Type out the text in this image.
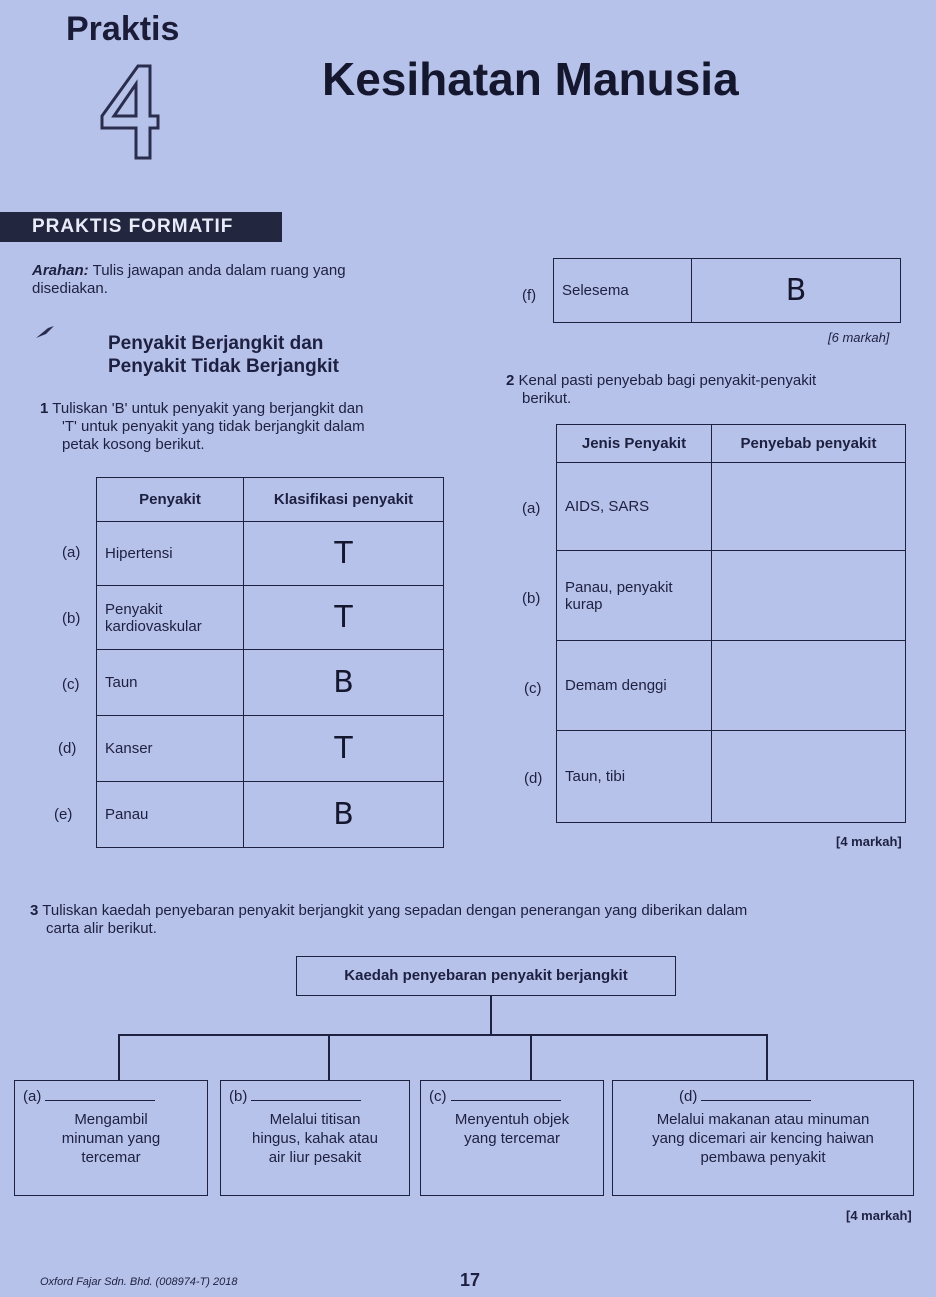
Praktis
Kesihatan Manusia
PRAKTIS FORMATIF
Arahan: Tulis jawapan anda dalam ruang yang
disediakan.
Penyakit Berjangkit dan
Penyakit Tidak Berjangkit
1 Tuliskan 'B' untuk penyakit yang berjangkit dan
'T' untuk penyakit yang tidak berjangkit dalam
petak kosong berikut.
(a)
(b)
(c)
(d)
(e)
Penyakit	Klasifikasi penyakit
Hipertensi	T
Penyakit kardiovaskular	T
Taun	B
Kanser	T
Panau	B
(f) Selesema	B
[6 markah]
2 Kenal pasti penyebab bagi penyakit-penyakit
berikut.
(a)
(b)
(c)
(d)
Jenis Penyakit	Penyebab penyakit
AIDS, SARS	
Panau, penyakit kurap	
Demam denggi	
Taun, tibi	
[4 markah]
3 Tuliskan kaedah penyebaran penyakit berjangkit yang sepadan dengan penerangan yang diberikan dalam
carta alir berikut.
Kaedah penyebaran penyakit berjangkit
(a)
Mengambil
minuman yang
tercemar
(b)
Melalui titisan
hingus, kahak atau
air liur pesakit
(c)
Menyentuh objek
yang tercemar
(d)
Melalui makanan atau minuman
yang dicemari air kencing haiwan
pembawa penyakit
[4 markah]
Oxford Fajar Sdn. Bhd. (008974-T) 2018	17
